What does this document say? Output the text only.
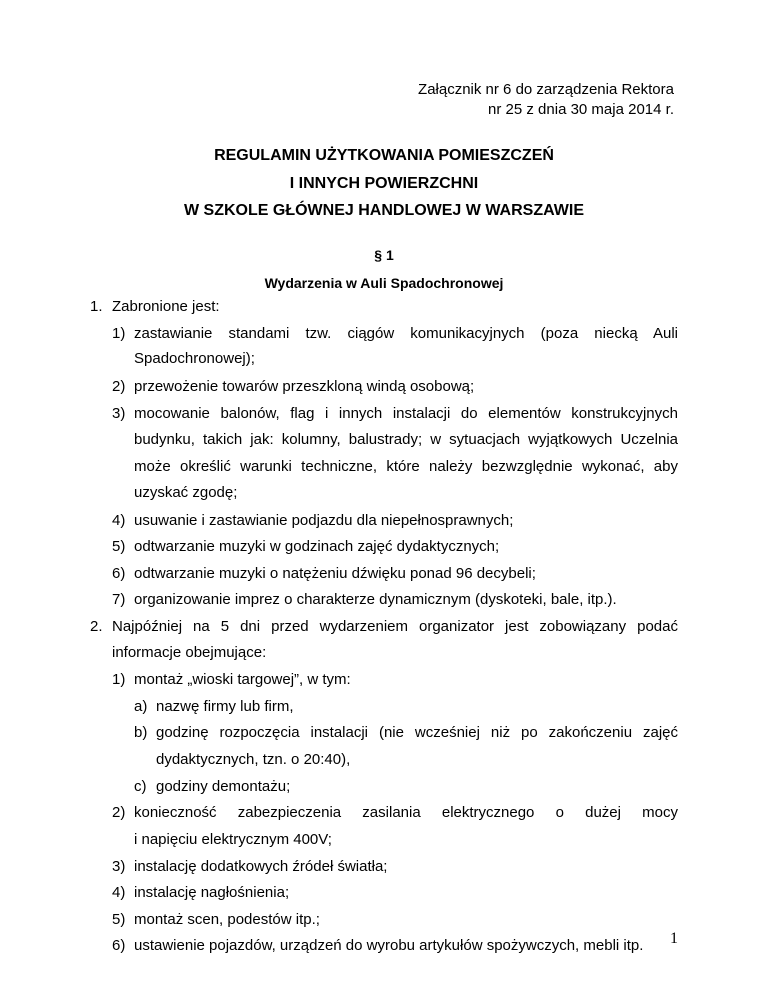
Załącznik nr 6 do zarządzenia Rektora
nr 25 z dnia 30 maja 2014 r.
REGULAMIN UŻYTKOWANIA POMIESZCZEŃ
I INNYCH POWIERZCHNI
W SZKOLE GŁÓWNEJ HANDLOWEJ W WARSZAWIE
§ 1
Wydarzenia w Auli Spadochronowej
1. Zabronione jest:
1) zastawianie standami tzw. ciągów komunikacyjnych (poza niecką Auli
Spadochronowej);
2) przewożenie towarów przeszkloną windą osobową;
3) mocowanie balonów, flag i innych instalacji do elementów konstrukcyjnych
budynku, takich jak: kolumny, balustrady; w sytuacjach wyjątkowych Uczelnia
może określić warunki techniczne, które należy bezwzględnie wykonać, aby
uzyskać zgodę;
4) usuwanie i zastawianie podjazdu dla niepełnosprawnych;
5) odtwarzanie muzyki w godzinach zajęć dydaktycznych;
6) odtwarzanie muzyki o natężeniu dźwięku ponad 96 decybeli;
7) organizowanie imprez o charakterze dynamicznym (dyskoteki, bale, itp.).
2. Najpóźniej na 5 dni przed wydarzeniem organizator jest zobowiązany podać
informacje obejmujące:
1) montaż „wioski targowej”, w tym:
a) nazwę firmy lub firm,
b) godzinę rozpoczęcia instalacji (nie wcześniej niż po zakończeniu zajęć
dydaktycznych, tzn. o 20:40),
c) godziny demontażu;
2) konieczność zabezpieczenia zasilania elektrycznego o dużej mocy
i napięciu elektrycznym 400V;
3) instalację dodatkowych źródeł światła;
4) instalację nagłośnienia;
5) montaż scen, podestów itp.;
6) ustawienie pojazdów, urządzeń do wyrobu artykułów spożywczych, mebli itp. 1
